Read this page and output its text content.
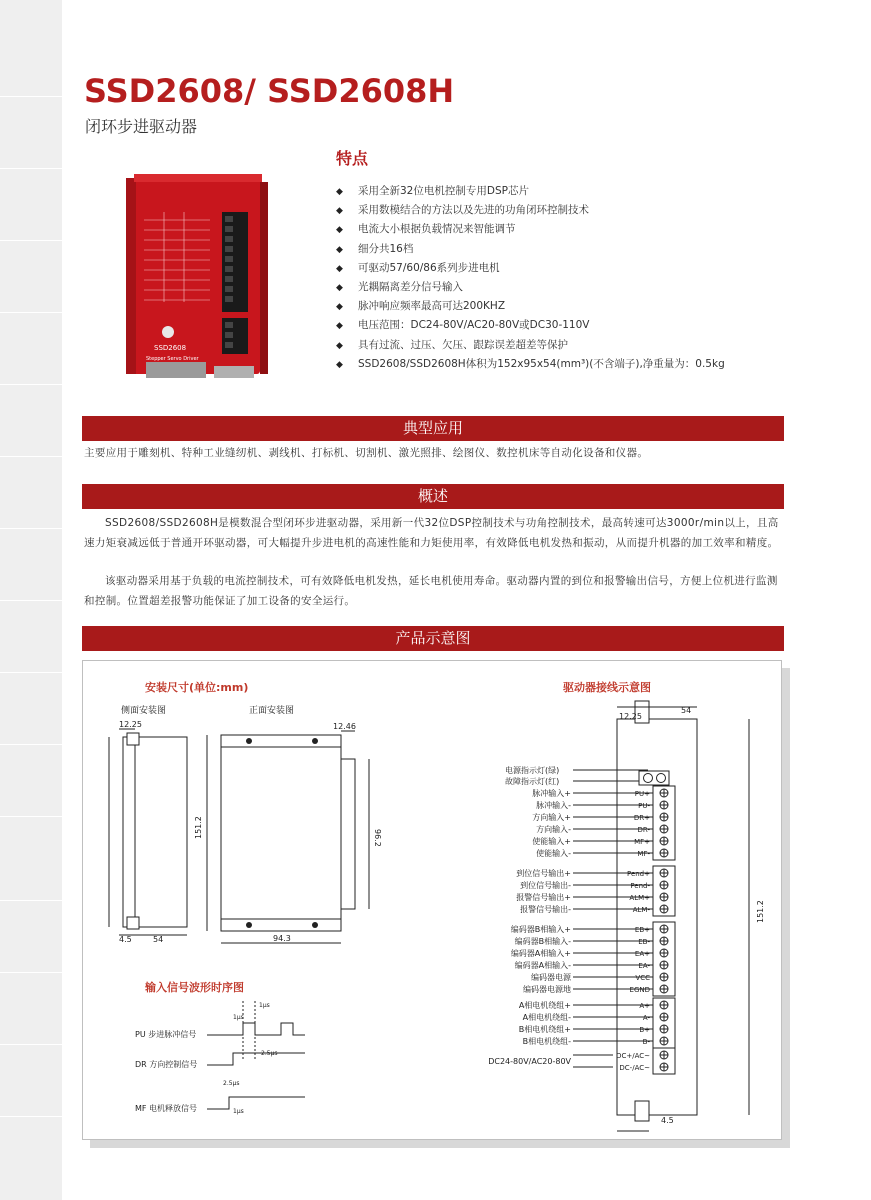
SSD2608/ SSD2608H
闭环步进驱动器
SSD2608
Stepper Servo Driver
特点
◆ 采用全新32位电机控制专用DSP芯片
◆ 采用数模结合的方法以及先进的功角闭环控制技术
◆ 电流大小根据负载情况来智能调节
◆ 细分共16档
◆ 可驱动57/60/86系列步进电机
◆ 光耦隔离差分信号输入
◆ 脉冲响应频率最高可达200KHZ
◆ 电压范围：DC24-80V/AC20-80V或DC30-110V
◆ 具有过流、过压、欠压、跟踪误差超差等保护
◆ SSD2608/SSD2608H体积为152x95x54(mm³)(不含端子),净重量为：0.5kg
典型应用
主要应用于雕刻机、特种工业缝纫机、剥线机、打标机、切割机、激光照排、绘图仪、数控机床等自动化设备和仪器。
概述
SSD2608/SSD2608H是模数混合型闭环步进驱动器，采用新一代32位DSP控制技术与功角控制技术，最高转速可达3000r/min以上，且高速力矩衰减远低于普通开环驱动器，可大幅提升步进电机的高速性能和力矩使用率，有效降低电机发热和振动，从而提升机器的加工效率和精度。
该驱动器采用基于负载的电流控制技术，可有效降低电机发热，延长电机使用寿命。驱动器内置的到位和报警输出信号，方便上位机进行监测和控制。位置超差报警功能保证了加工设备的安全运行。
产品示意图
安装尺寸(单位:mm)
侧面安装图	正面安装图
12.25
4.5	54
12.46
151.2	96.2
94.3
输入信号波形时序图
PU 步进脉冲信号
DR 方向控制信号
MF 电机释放信号
1μs
1μs
2.5μs
2.5μs
1μs
驱动器接线示意图
12.25
54
151.2
4.5
电源指示灯(绿)
故障指示灯(红)
脉冲输入+	PU+
脉冲输入-	PU-
方向输入+	DR+
方向输入-	DR-
使能输入+	MF+
使能输入-	MF-
到位信号输出+	Pend+
到位信号输出-	Pend-
报警信号输出+	ALM+
报警信号输出-	ALM-
编码器B相输入+	EB+
编码器B相输入-	EB-
编码器A相输入+	EA+
编码器A相输入-	EA-
编码器电源	VCC
编码器电源地	EGND
A相电机绕组+	A+
A相电机绕组-	A-
B相电机绕组+	B+
B相电机绕组-	B-
DC+/AC~
DC-/AC~
DC24-80V/AC20-80V
